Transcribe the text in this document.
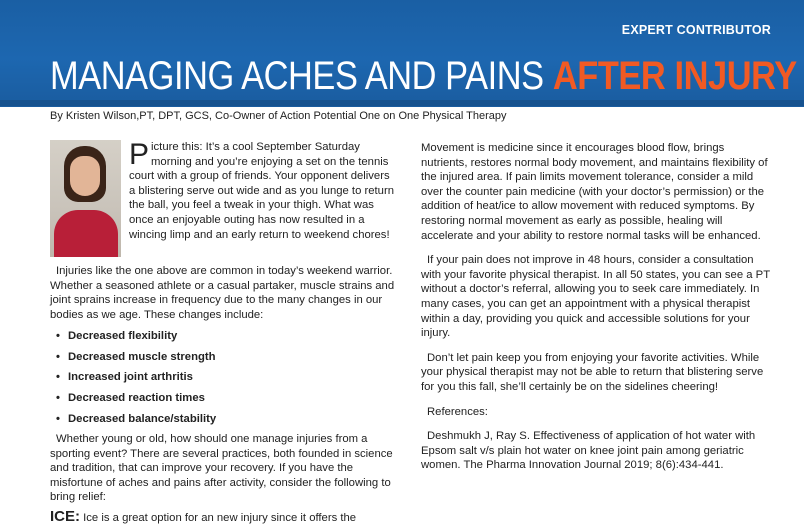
EXPERT CONTRIBUTOR
MANAGING ACHES AND PAINS AFTER INJURY
By Kristen Wilson,PT, DPT, GCS, Co-Owner of Action Potential One on One Physical Therapy
Picture this: It’s a cool September Saturday morning and you’re enjoying a set on the tennis court with a group of friends. Your opponent delivers a blistering serve out wide and as you lunge to return the ball, you feel a tweak in your thigh. What was once an enjoyable outing has now resulted in a wincing limp and an early return to weekend chores!

Injuries like the one above are common in today’s weekend warrior. Whether a seasoned athlete or a casual partaker, muscle strains and joint sprains increase in frequency due to the many changes in our bodies as we age. These changes include:

• Decreased flexibility
• Decreased muscle strength
• Increased joint arthritis
• Decreased reaction times
• Decreased balance/stability

Whether young or old, how should one manage injuries from a sporting event? There are several practices, both founded in science and tradition, that can improve your recovery. If you have the misfortune of aches and pains after activity, consider the following to bring relief:

ICE: Ice is a great option for an new injury since it offers the

Movement is medicine since it encourages blood flow, brings nutrients, restores normal body movement, and maintains flexibility of the injured area. If pain limits movement tolerance, consider a mild over the counter pain medicine (with your doctor’s permission) or the addition of heat/ice to allow movement with reduced symptoms. By restoring normal movement as early as possible, healing will accelerate and your ability to restore normal tasks will be enhanced.

If your pain does not improve in 48 hours, consider a consultation with your favorite physical therapist. In all 50 states, you can see a PT without a doctor’s referral, allowing you to seek care immediately. In many cases, you can get an appointment with a physical therapist within a day, providing you quick and accessible solutions for your injury.

Don’t let pain keep you from enjoying your favorite activities. While your physical therapist may not be able to return that blistering serve for you this fall, she’ll certainly be on the sidelines cheering!

References:

Deshmukh J, Ray S. Effectiveness of application of hot water with Epsom salt v/s plain hot water on knee joint pain among geriatric women. The Pharma Innovation Journal 2019; 8(6):434-441.
